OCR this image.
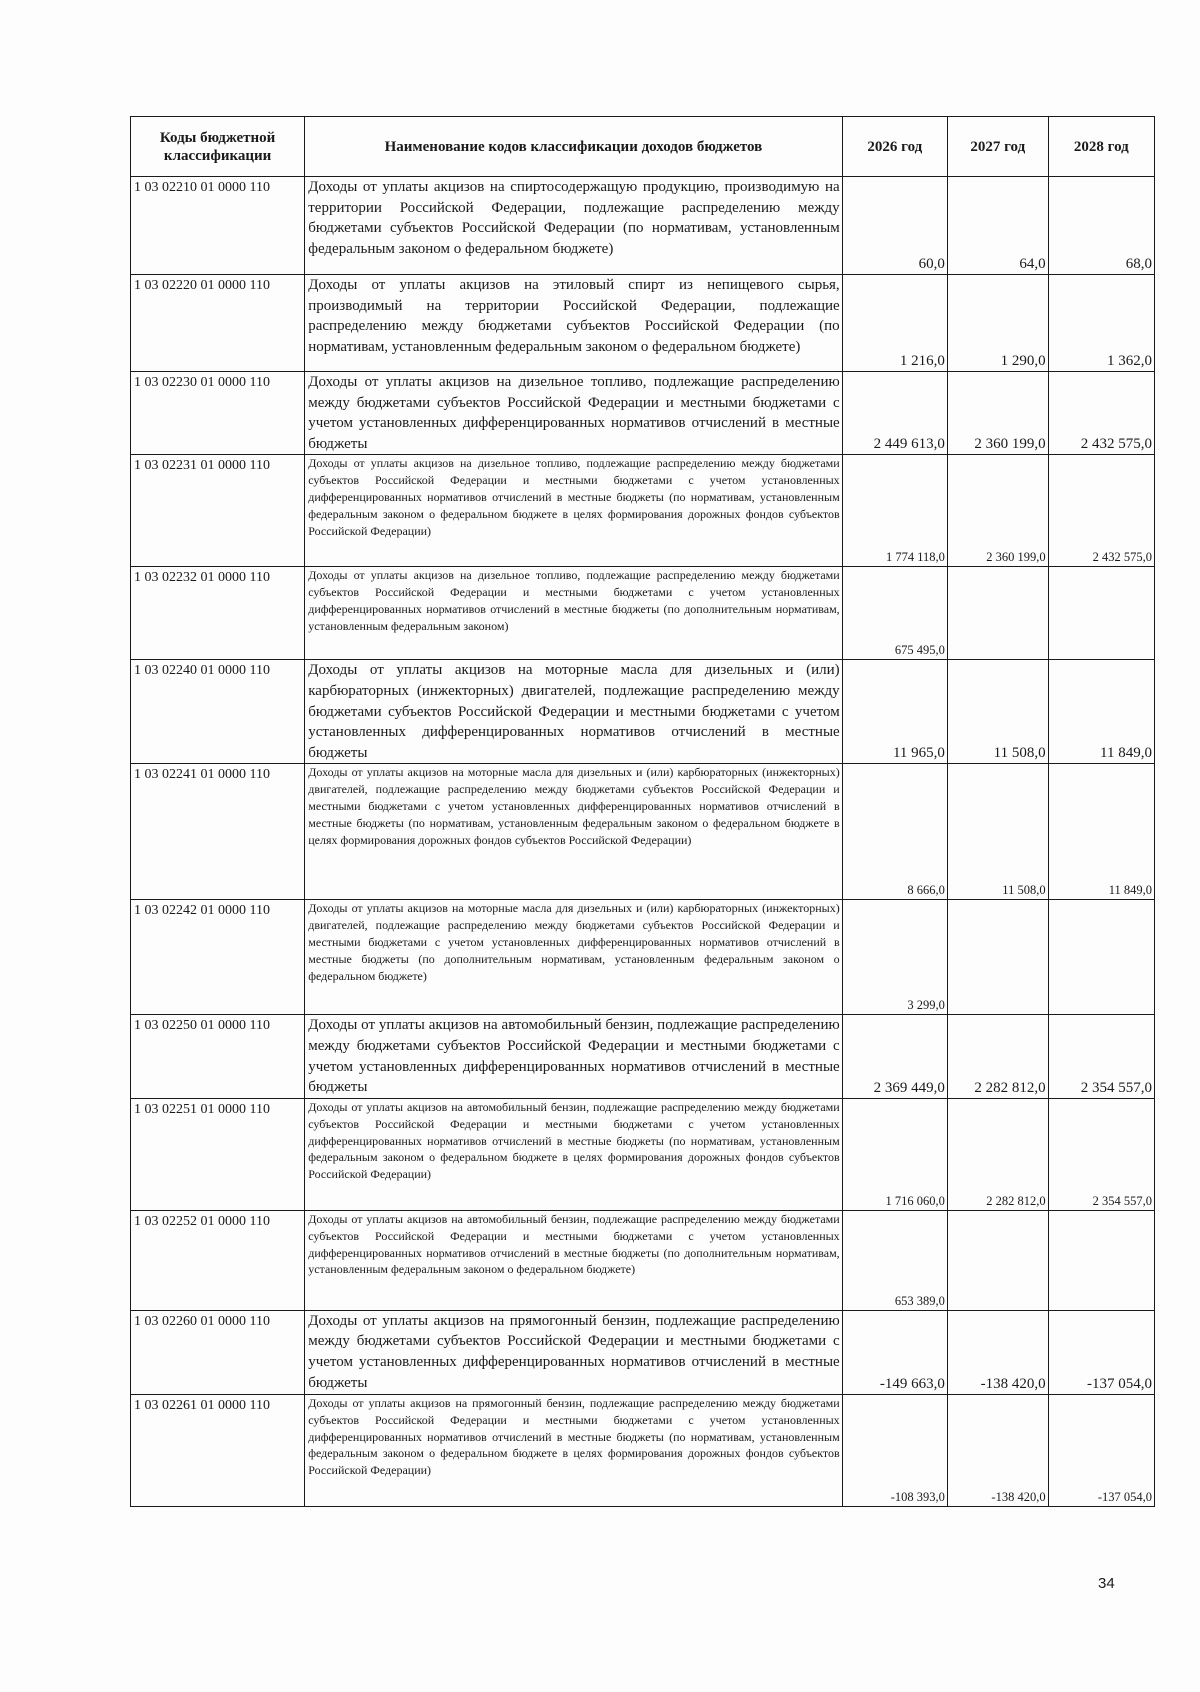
Коды бюджетной классификации	Наименование кодов классификации доходов бюджетов	2026 год	2027 год	2028 год
1 03 02210 01 0000 110	Доходы от уплаты акцизов на спиртосодержащую продукцию, производимую на территории Российской Федерации, подлежащие распределению между бюджетами субъектов Российской Федерации (по нормативам, установленным федеральным законом о федеральном бюджете)	60,0	64,0	68,0
1 03 02220 01 0000 110	Доходы от уплаты акцизов на этиловый спирт из непищевого сырья, производимый на территории Российской Федерации, подлежащие распределению между бюджетами субъектов Российской Федерации (по нормативам, установленным федеральным законом о федеральном бюджете)	1 216,0	1 290,0	1 362,0
1 03 02230 01 0000 110	Доходы от уплаты акцизов на дизельное топливо, подлежащие распределению между бюджетами субъектов Российской Федерации и местными бюджетами с учетом установленных дифференцированных нормативов отчислений в местные бюджеты	2 449 613,0	2 360 199,0	2 432 575,0
1 03 02231 01 0000 110	Доходы от уплаты акцизов на дизельное топливо, подлежащие распределению между бюджетами субъектов Российской Федерации и местными бюджетами с учетом установленных дифференцированных нормативов отчислений в местные бюджеты (по нормативам, установленным федеральным законом о федеральном бюджете в целях формирования дорожных фондов субъектов Российской Федерации)	1 774 118,0	2 360 199,0	2 432 575,0
1 03 02232 01 0000 110	Доходы от уплаты акцизов на дизельное топливо, подлежащие распределению между бюджетами субъектов Российской Федерации и местными бюджетами с учетом установленных дифференцированных нормативов отчислений в местные бюджеты (по дополнительным нормативам, установленным федеральным законом)	675 495,0		
1 03 02240 01 0000 110	Доходы от уплаты акцизов на моторные масла для дизельных и (или) карбюраторных (инжекторных) двигателей, подлежащие распределению между бюджетами субъектов Российской Федерации и местными бюджетами с учетом установленных дифференцированных нормативов отчислений в местные бюджеты	11 965,0	11 508,0	11 849,0
1 03 02241 01 0000 110	Доходы от уплаты акцизов на моторные масла для дизельных и (или) карбюраторных (инжекторных) двигателей, подлежащие распределению между бюджетами субъектов Российской Федерации и местными бюджетами с учетом установленных дифференцированных нормативов отчислений в местные бюджеты (по нормативам, установленным федеральным законом о федеральном бюджете в целях формирования дорожных фондов субъектов Российской Федерации)	8 666,0	11 508,0	11 849,0
1 03 02242 01 0000 110	Доходы от уплаты акцизов на моторные масла для дизельных и (или) карбюраторных (инжекторных) двигателей, подлежащие распределению между бюджетами субъектов Российской Федерации и местными бюджетами с учетом установленных дифференцированных нормативов отчислений в местные бюджеты (по дополнительным нормативам, установленным федеральным законом о федеральном бюджете)	3 299,0		
1 03 02250 01 0000 110	Доходы от уплаты акцизов на автомобильный бензин, подлежащие распределению между бюджетами субъектов Российской Федерации и местными бюджетами с учетом установленных дифференцированных нормативов отчислений в местные бюджеты	2 369 449,0	2 282 812,0	2 354 557,0
1 03 02251 01 0000 110	Доходы от уплаты акцизов на автомобильный бензин, подлежащие распределению между бюджетами субъектов Российской Федерации и местными бюджетами с учетом установленных дифференцированных нормативов отчислений в местные бюджеты (по нормативам, установленным федеральным законом о федеральном бюджете в целях формирования дорожных фондов субъектов Российской Федерации)	1 716 060,0	2 282 812,0	2 354 557,0
1 03 02252 01 0000 110	Доходы от уплаты акцизов на автомобильный бензин, подлежащие распределению между бюджетами субъектов Российской Федерации и местными бюджетами с учетом установленных дифференцированных нормативов отчислений в местные бюджеты (по дополнительным нормативам, установленным федеральным законом о федеральном бюджете)	653 389,0		
1 03 02260 01 0000 110	Доходы от уплаты акцизов на прямогонный бензин, подлежащие распределению между бюджетами субъектов Российской Федерации и местными бюджетами с учетом установленных дифференцированных нормативов отчислений в местные бюджеты	-149 663,0	-138 420,0	-137 054,0
1 03 02261 01 0000 110	Доходы от уплаты акцизов на прямогонный бензин, подлежащие распределению между бюджетами субъектов Российской Федерации и местными бюджетами с учетом установленных дифференцированных нормативов отчислений в местные бюджеты (по нормативам, установленным федеральным законом о федеральном бюджете в целях формирования дорожных фондов субъектов Российской Федерации)	-108 393,0	-138 420,0	-137 054,0
34
